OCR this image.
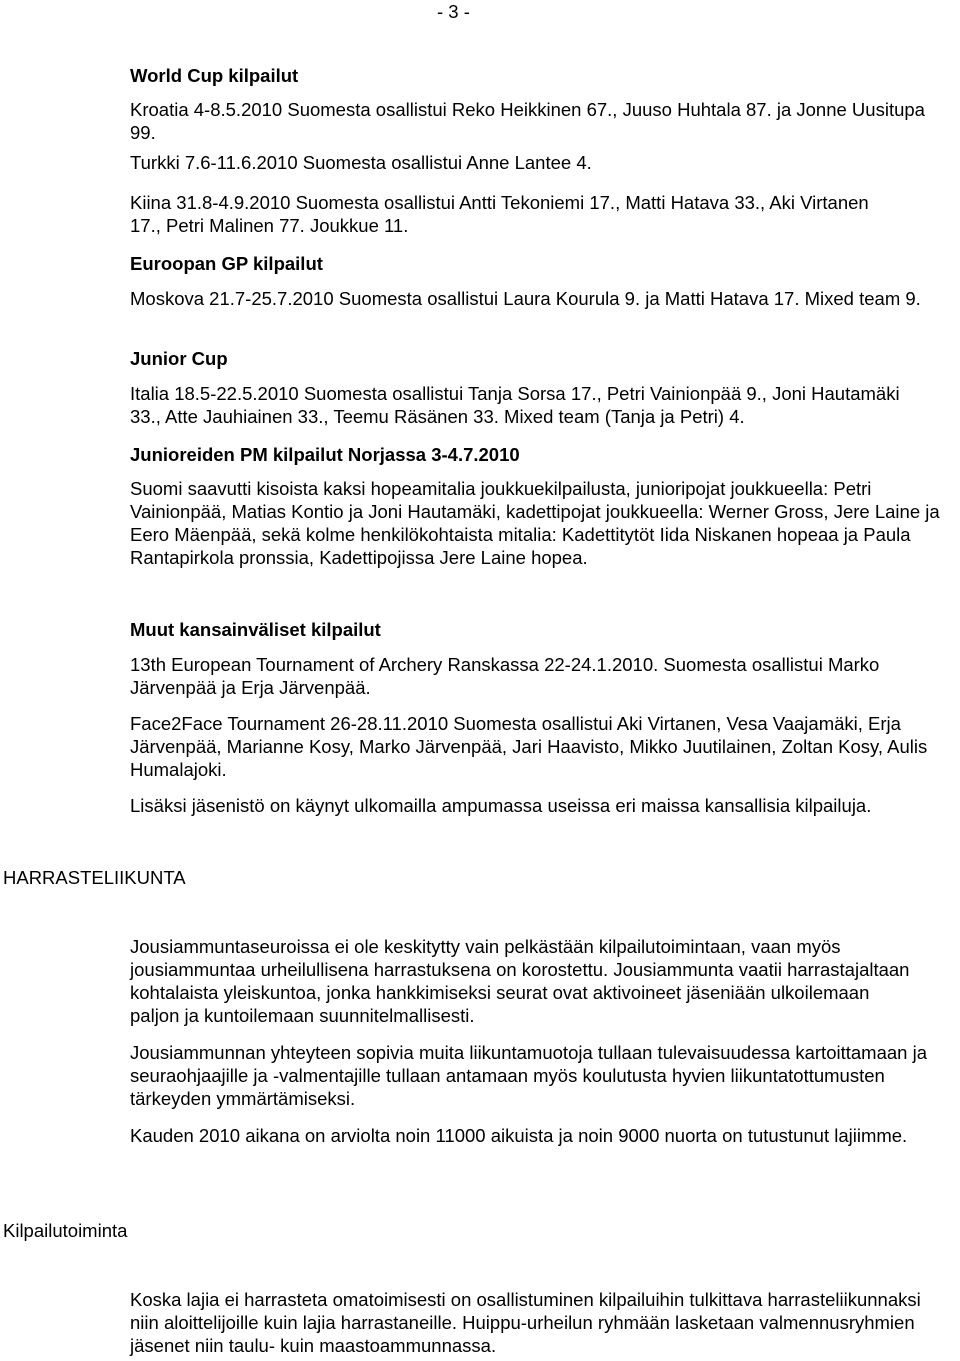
- 3 -
World Cup kilpailut

Kroatia 4-8.5.2010 Suomesta osallistui Reko Heikkinen 67., Juuso Huhtala 87. ja Jonne Uusitupa 99.

Turkki 7.6-11.6.2010 Suomesta osallistui Anne Lantee 4.

Kiina 31.8-4.9.2010 Suomesta osallistui Antti Tekoniemi 17., Matti Hatava 33., Aki Virtanen 17., Petri Malinen 77. Joukkue 11.

Euroopan GP kilpailut

Moskova 21.7-25.7.2010 Suomesta osallistui Laura Kourula 9. ja Matti Hatava 17. Mixed team 9.

Junior Cup

Italia 18.5-22.5.2010 Suomesta osallistui Tanja Sorsa 17., Petri Vainionpää 9., Joni Hautamäki 33., Atte Jauhiainen 33., Teemu Räsänen 33. Mixed team (Tanja ja Petri) 4.

Junioreiden PM kilpailut Norjassa 3-4.7.2010

Suomi saavutti kisoista kaksi hopeamitalia joukkuekilpailusta, junioripojat joukkueella: Petri Vainionpää, Matias Kontio ja Joni Hautamäki, kadettipojat joukkueella: Werner Gross, Jere Laine ja Eero Mäenpää, sekä kolme henkilökohtaista mitalia: Kadettitytöt Iida Niskanen hopeaa ja Paula Rantapirkola pronssia, Kadettipojissa Jere Laine hopea.

Muut kansainväliset kilpailut

13th European Tournament of Archery Ranskassa 22-24.1.2010. Suomesta osallistui Marko Järvenpää ja Erja Järvenpää.

Face2Face Tournament 26-28.11.2010 Suomesta osallistui Aki Virtanen, Vesa Vaajamäki, Erja Järvenpää, Marianne Kosy, Marko Järvenpää, Jari Haavisto, Mikko Juutilainen, Zoltan Kosy, Aulis Humalajoki.

Lisäksi jäsenistö on käynyt ulkomailla ampumassa useissa eri maissa kansallisia kilpailuja.

HARRASTELIIKUNTA

Jousiammuntaseuroissa ei ole keskitytty vain pelkästään kilpailutoimintaan, vaan myös jousiammuntaa urheilullisena harrastuksena on korostettu. Jousiammunta vaatii harrastajaltaan kohtalaista yleiskuntoa, jonka hankkimiseksi seurat ovat aktivoineet jäseniään ulkoilemaan paljon ja kuntoilemaan suunnitelmallisesti.

Jousiammunnan yhteyteen sopivia muita liikuntamuotoja tullaan tulevaisuudessa kartoittamaan ja seuraohjaajille ja -valmentajille tullaan antamaan myös koulutusta hyvien liikuntatottumusten tärkeyden ymmärtämiseksi.

Kauden 2010 aikana on arviolta noin 11000 aikuista ja noin 9000 nuorta on tutustunut lajiimme.

Kilpailutoiminta

Koska lajia ei harrasteta omatoimisesti on osallistuminen kilpailuihin tulkittava harrasteliikunnaksi niin aloittelijoille kuin lajia harrastaneille. Huippu-urheilun ryhmään lasketaan valmennusryhmien jäsenet niin taulu- kuin maastoammunnassa.
